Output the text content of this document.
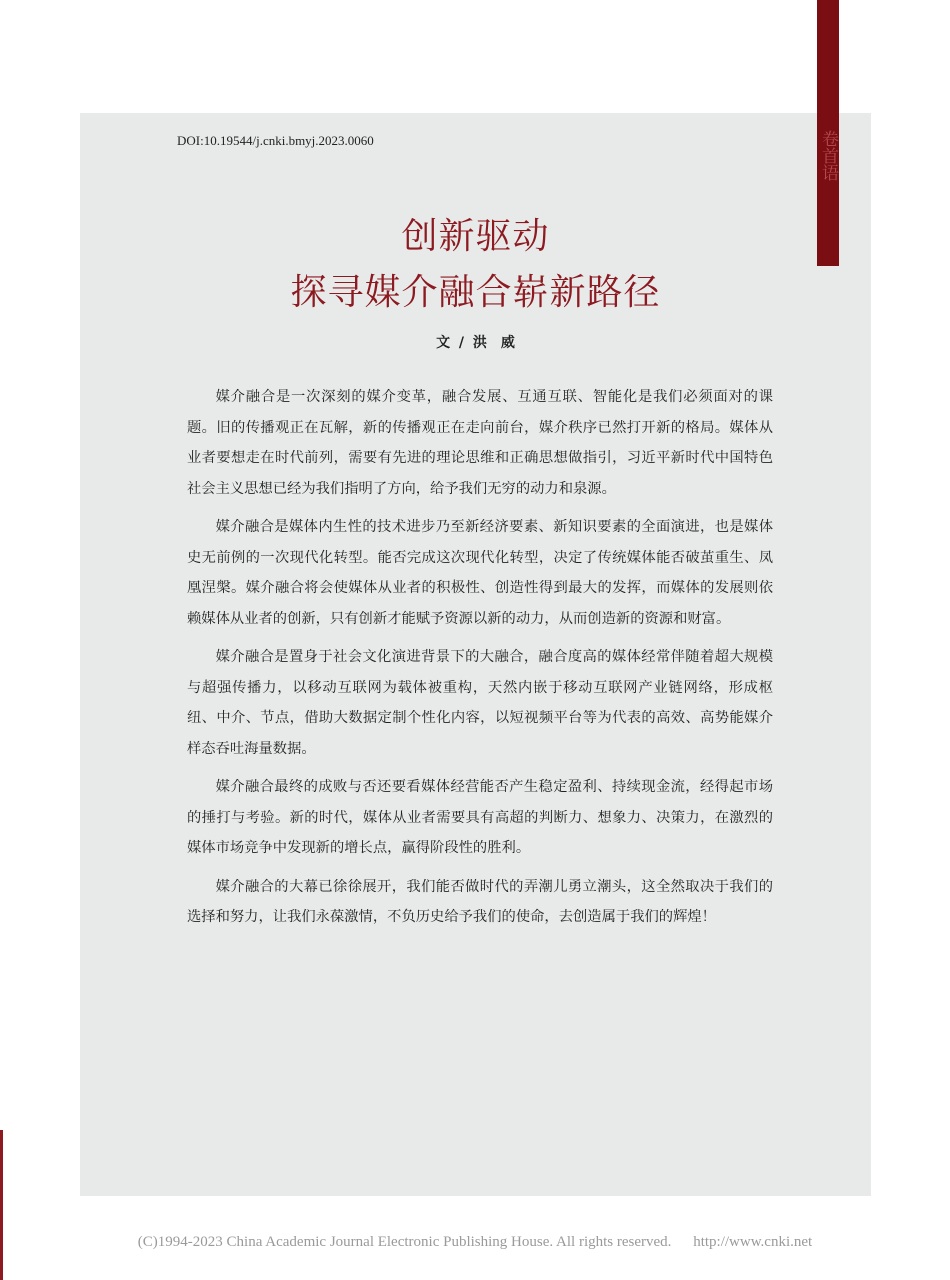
卷首语
DOI:10.19544/j.cnki.bmyj.2023.0060
创新驱动
探寻媒介融合崭新路径
文 / 洪　威

媒介融合是一次深刻的媒介变革，融合发展、互通互联、智能化是我们必须面对的课题。旧的传播观正在瓦解，新的传播观正在走向前台，媒介秩序已然打开新的格局。媒体从业者要想走在时代前列，需要有先进的理论思维和正确思想做指引，习近平新时代中国特色社会主义思想已经为我们指明了方向，给予我们无穷的动力和泉源。

媒介融合是媒体内生性的技术进步乃至新经济要素、新知识要素的全面演进，也是媒体史无前例的一次现代化转型。能否完成这次现代化转型，决定了传统媒体能否破茧重生、凤凰涅槃。媒介融合将会使媒体从业者的积极性、创造性得到最大的发挥，而媒体的发展则依赖媒体从业者的创新，只有创新才能赋予资源以新的动力，从而创造新的资源和财富。

媒介融合是置身于社会文化演进背景下的大融合，融合度高的媒体经常伴随着超大规模与超强传播力，以移动互联网为载体被重构，天然内嵌于移动互联网产业链网络，形成枢纽、中介、节点，借助大数据定制个性化内容，以短视频平台等为代表的高效、高势能媒介样态吞吐海量数据。

媒介融合最终的成败与否还要看媒体经营能否产生稳定盈利、持续现金流，经得起市场的捶打与考验。新的时代，媒体从业者需要具有高超的判断力、想象力、决策力，在激烈的媒体市场竞争中发现新的增长点，赢得阶段性的胜利。

媒介融合的大幕已徐徐展开，我们能否做时代的弄潮儿勇立潮头，这全然取决于我们的选择和努力，让我们永葆激情，不负历史给予我们的使命，去创造属于我们的辉煌！

(C)1994-2023 China Academic Journal Electronic Publishing House. All rights reserved. http://www.cnki.net
